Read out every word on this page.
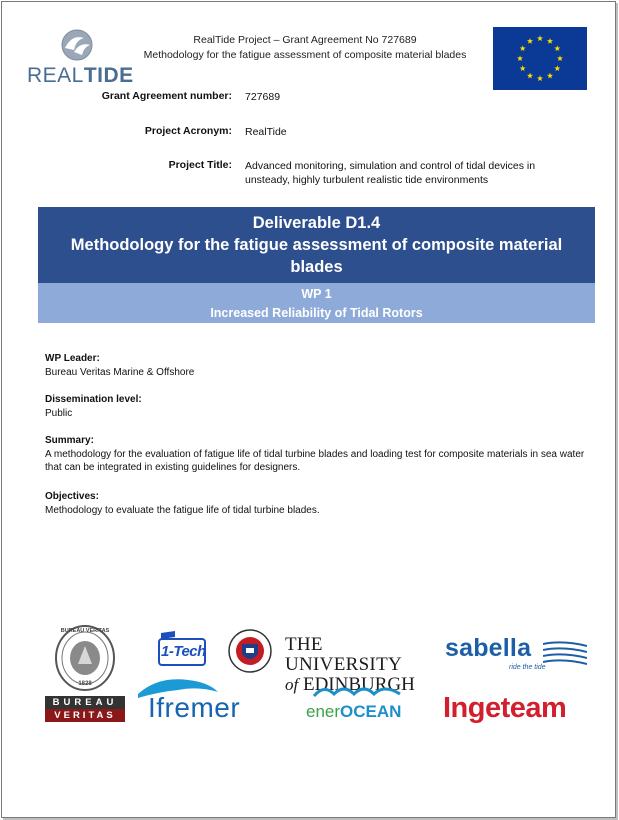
REALTIDE
RealTide Project – Grant Agreement No 727689
Methodology for the fatigue assessment of composite material blades
Grant Agreement number: 727689
Project Acronym: RealTide
Project Title: Advanced monitoring, simulation and control of tidal devices in unsteady, highly turbulent realistic tide environments
Deliverable D1.4
Methodology for the fatigue assessment of composite material
blades
WP 1
Increased Reliability of Tidal Rotors
WP Leader:
Bureau Veritas Marine & Offshore
Dissemination level:
Public
Summary:
A methodology for the evaluation of fatigue life of tidal turbine blades and loading test for composite materials in sea water that can be integrated in existing guidelines for designers.
Objectives:
Methodology to evaluate the fatigue life of tidal turbine blades.
BUREAU VERITAS
1828
BUREAU
VERITAS
1-Tech	THE UNIVERSITY
of EDINBURGH
sabella
ride the tide
Ifremer	enerOCEAN Ingeteam
